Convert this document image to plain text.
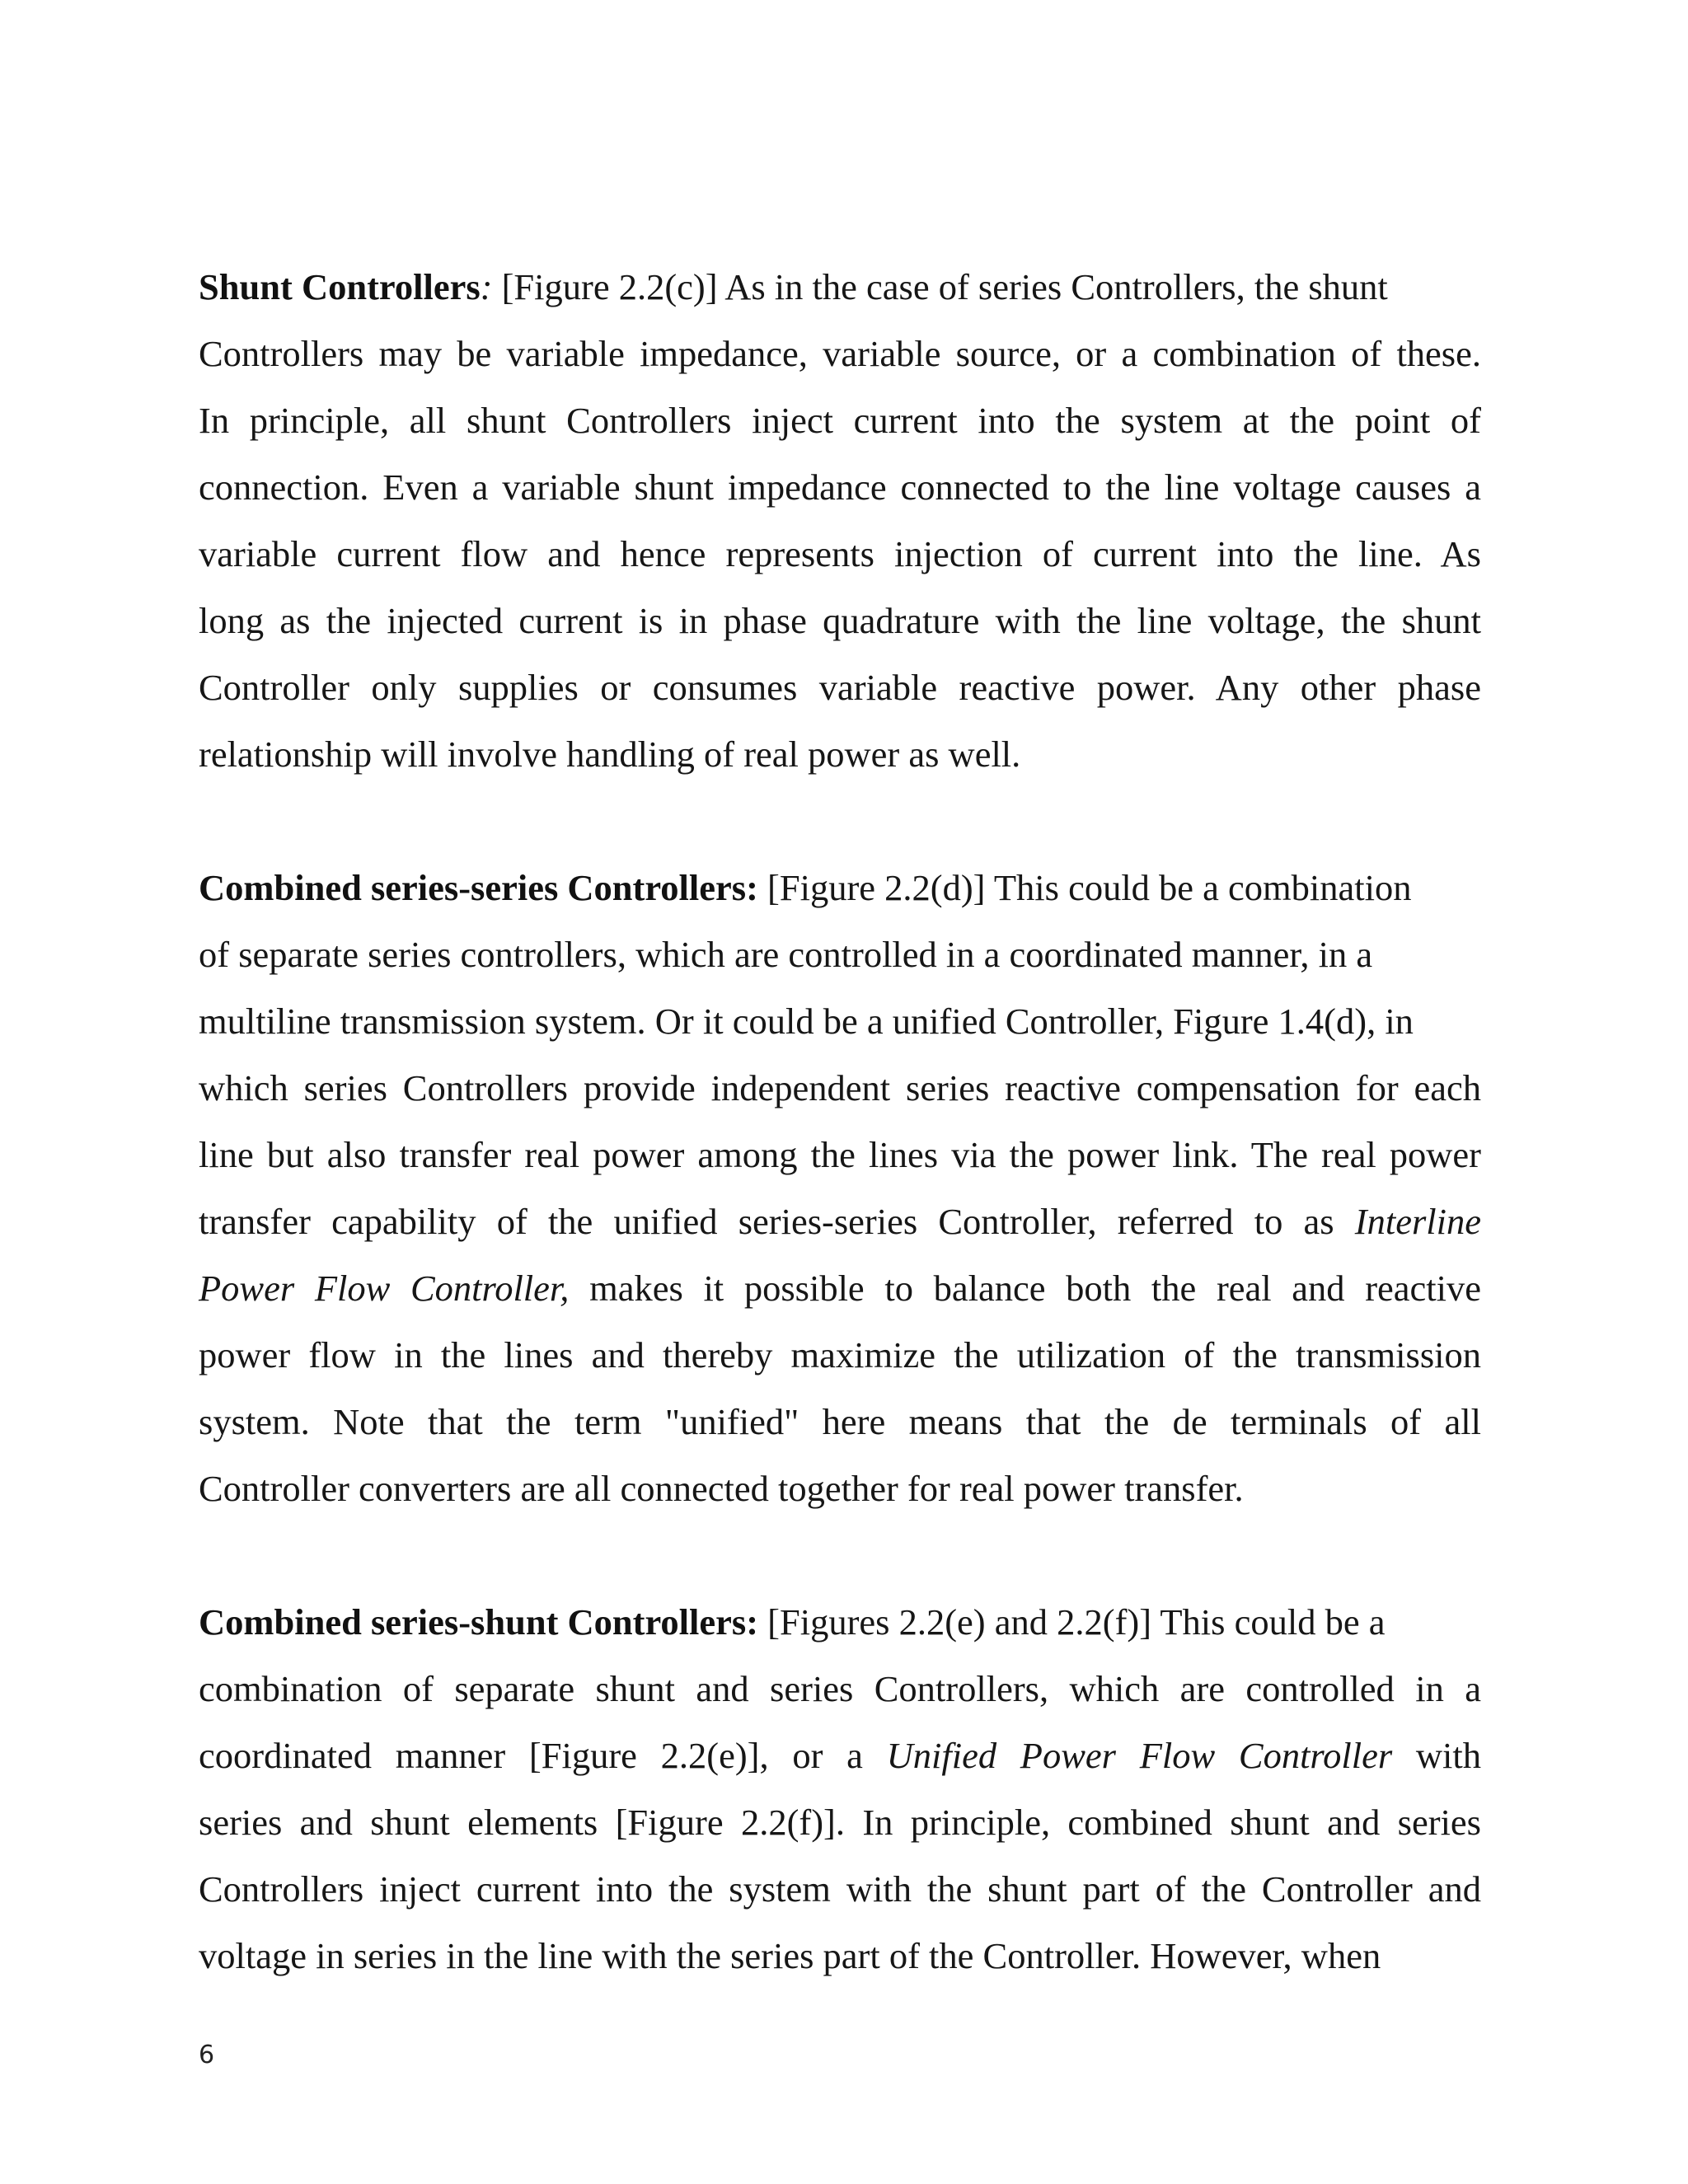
Shunt Controllers: [Figure 2.2(c)] As in the case of series Controllers, the shunt
Controllers may be variable impedance, variable source, or a combination of these.
In principle, all shunt Controllers inject current into the system at the point of
connection. Even a variable shunt impedance connected to the line voltage causes a
variable current flow and hence represents injection of current into the line. As
long as the injected current is in phase quadrature with the line voltage, the shunt
Controller only supplies or consumes variable reactive power. Any other phase
relationship will involve handling of real power as well.
Combined series-series Controllers: [Figure 2.2(d)] This could be a combination
of separate series controllers, which are controlled in a coordinated manner, in a
multiline transmission system. Or it could be a unified Controller, Figure 1.4(d), in
which series Controllers provide independent series reactive compensation for each
line but also transfer real power among the lines via the power link. The real power
transfer capability of the unified series-series Controller, referred to as Interline
Power Flow Controller, makes it possible to balance both the real and reactive
power flow in the lines and thereby maximize the utilization of the transmission
system. Note that the term "unified" here means that the de terminals of all
Controller converters are all connected together for real power transfer.
Combined series-shunt Controllers: [Figures 2.2(e) and 2.2(f)] This could be a
combination of separate shunt and series Controllers, which are controlled in a
coordinated manner [Figure 2.2(e)], or a Unified Power Flow Controller with
series and shunt elements [Figure 2.2(f)]. In principle, combined shunt and series
Controllers inject current into the system with the shunt part of the Controller and
voltage in series in the line with the series part of the Controller. However, when
6
